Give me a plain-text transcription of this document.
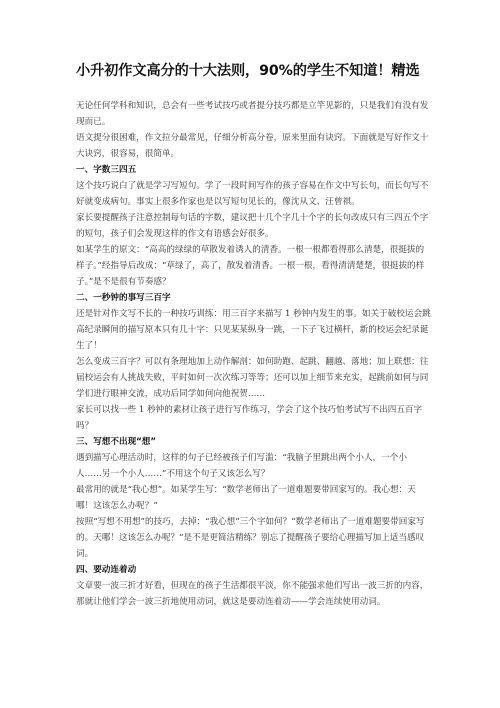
小升初作文高分的十大法则，90%的学生不知道！精选
无论任何学科和知识，总会有一些考试技巧或者提分技巧都是立竿见影的，只是我们有没有发现而已。
语文提分很困难，作文拉分最常见，仔细分析高分卷，原来里面有诀窍。下面就是写好作文十大诀窍，很容易，很简单。
一、字数三四五
这个技巧说白了就是学习写短句。学了一段时间写作的孩子容易在作文中写长句，而长句写不好就变成病句。事实上很多作家也是以写短句见长的，像沈从文、汪曾祺。
家长要提醒孩子注意控制每句话的字数，建议把十几个字几十个字的长句改成只有三四五个字的短句，孩子们会发现这样的作文有语感会好很多。
如某学生的原文：“高高的绿绿的草散发着诱人的清香。一根一根都看得那么清楚，很挺拔的样子。”经指导后改成：“草绿了，高了，散发着清香。一根一根，看得清清楚楚，很挺拔的样子。”是不是很有节奏感？
二、一秒钟的事写三百字
还是针对作文写不长的一种技巧训练：用三百字来描写 1 秒钟内发生的事。如关于破校运会跳高纪录瞬间的描写原本只有几十字：只见某某纵身一跳，一下子飞过横杆，新的校运会纪录诞生了！
怎么变成三百字？可以有条理地加上动作解剖：如何助跑、起跳、翻越、落地；加上联想：往届校运会有人挑战失败，平时如何一次次练习等等；还可以加上细节来充实，起跳前如何与同学们进行眼神交流，成功后同学如何向他祝贺……
家长可以找一些 1 秒钟的素材让孩子进行写作练习，学会了这个技巧怕考试写不出四五百字吗？
三、写想不出现“想”
遇到描写心理活动时，这样的句子已经被孩子们写滥：“我脑子里跳出两个小人，一个小人……另一个小人……”不用这个句子又该怎么写？
最常用的就是“我心想”。如某学生写：“数学老师出了一道难题要带回家写的。我心想：天哪！这该怎么办呢？”
按照“写想不用想”的技巧，去掉：“我心想”三个字如何？“数学老师出了一道难题要带回家写的。天哪！这该怎么办呢？”是不是更简洁精练？别忘了提醒孩子要给心理描写加上适当感叹词。
四、要动连着动
文章要一波三折才好看，但现在的孩子生活都很平淡，你不能强求他们写出一波三折的内容，那就让他们学会一波三折地使用动词，就这是要动连着动——学会连续使用动词。
